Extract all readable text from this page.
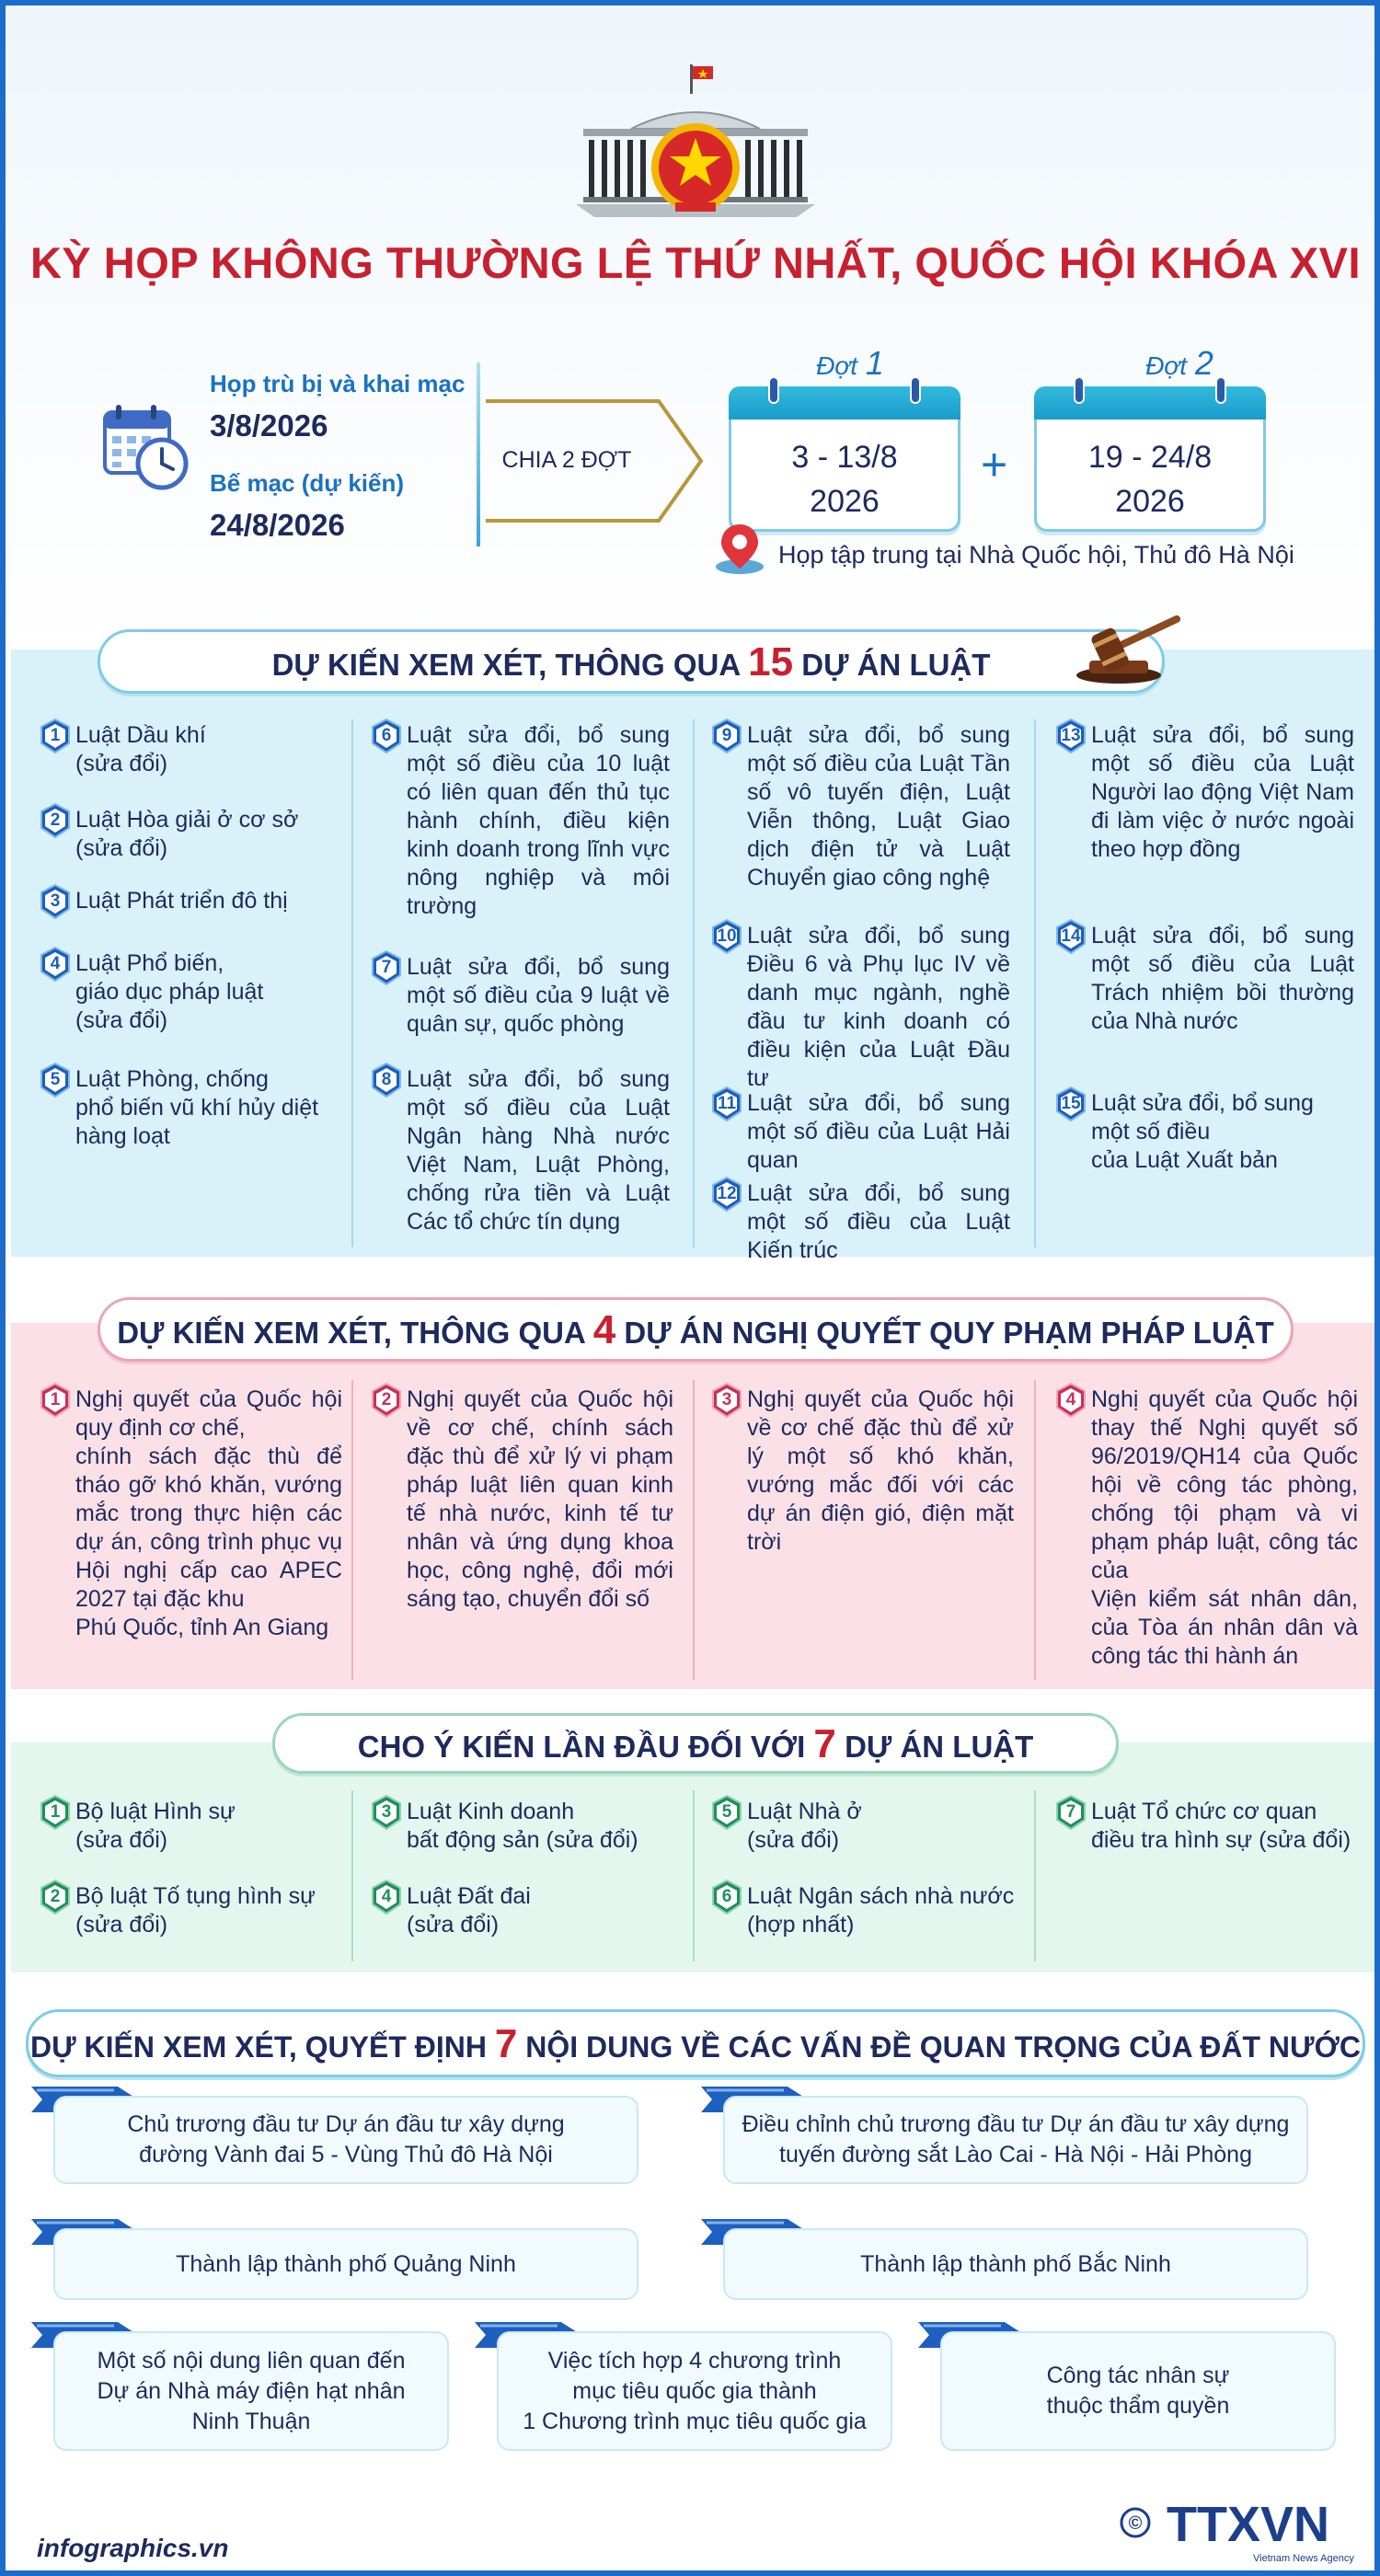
KỲ HỌP KHÔNG THƯỜNG LỆ THỨ NHẤT, QUỐC HỘI KHÓA XVI
Họp trù bị và khai mạc
3/8/2026
Bế mạc (dự kiến)
24/8/2026
CHIA 2 ĐỢT
Đợt 1
3 - 13/8
2026
+
Đợt 2
19 - 24/8
2026
Họp tập trung tại Nhà Quốc hội, Thủ đô Hà Nội
DỰ KIẾN XEM XÉT, THÔNG QUA 15 DỰ ÁN LUẬT
1 Luật Dầu khí
(sửa đổi)
2 Luật Hòa giải ở cơ sở
(sửa đổi)
3 Luật Phát triển đô thị
4 Luật Phổ biến,
giáo dục pháp luật
(sửa đổi)
5 Luật Phòng, chống
phổ biến vũ khí hủy diệt
hàng loạt
6 Luật sửa đổi, bổ sung một số điều của 10 luật có liên quan đến thủ tục hành chính, điều kiện kinh doanh trong lĩnh vực nông nghiệp và môi trường
7 Luật sửa đổi, bổ sung một số điều của 9 luật về quân sự, quốc phòng
8 Luật sửa đổi, bổ sung một số điều của Luật Ngân hàng Nhà nước Việt Nam, Luật Phòng, chống rửa tiền và Luật Các tổ chức tín dụng
9 Luật sửa đổi, bổ sung một số điều của Luật Tần số vô tuyến điện, Luật Viễn thông, Luật Giao dịch điện tử và Luật Chuyển giao công nghệ
10 Luật sửa đổi, bổ sung Điều 6 và Phụ lục IV về danh mục ngành, nghề đầu tư kinh doanh có điều kiện của Luật Đầu tư
11 Luật sửa đổi, bổ sung một số điều của Luật Hải quan
12 Luật sửa đổi, bổ sung một số điều của Luật Kiến trúc
13 Luật sửa đổi, bổ sung một số điều của Luật Người lao động Việt Nam đi làm việc ở nước ngoài theo hợp đồng
14 Luật sửa đổi, bổ sung một số điều của Luật Trách nhiệm bồi thường của Nhà nước
15 Luật sửa đổi, bổ sung
một số điều
của Luật Xuất bản
DỰ KIẾN XEM XÉT, THÔNG QUA 4 DỰ ÁN NGHỊ QUYẾT QUY PHẠM PHÁP LUẬT
1 Nghị quyết của Quốc hội quy định cơ chế,
chính sách đặc thù để tháo gỡ khó khăn, vướng mắc trong thực hiện các dự án, công trình phục vụ Hội nghị cấp cao APEC 2027 tại đặc khu
Phú Quốc, tỉnh An Giang
2 Nghị quyết của Quốc hội về cơ chế, chính sách đặc thù để xử lý vi phạm pháp luật liên quan kinh tế nhà nước, kinh tế tư nhân và ứng dụng khoa học, công nghệ, đổi mới sáng tạo, chuyển đổi số
3 Nghị quyết của Quốc hội về cơ chế đặc thù để xử lý một số khó khăn, vướng mắc đối với các dự án điện gió, điện mặt trời
4 Nghị quyết của Quốc hội thay thế Nghị quyết số 96/2019/QH14 của Quốc hội về công tác phòng, chống tội phạm và vi phạm pháp luật, công tác của
Viện kiểm sát nhân dân, của Tòa án nhân dân và công tác thi hành án
CHO Ý KIẾN LẦN ĐẦU ĐỐI VỚI 7 DỰ ÁN LUẬT
1 Bộ luật Hình sự
(sửa đổi)
2 Bộ luật Tố tụng hình sự
(sửa đổi)
3 Luật Kinh doanh
bất động sản (sửa đổi)
4 Luật Đất đai
(sửa đổi)
5 Luật Nhà ở
(sửa đổi)
6 Luật Ngân sách nhà nước
(hợp nhất)
7 Luật Tổ chức cơ quan
điều tra hình sự (sửa đổi)
DỰ KIẾN XEM XÉT, QUYẾT ĐỊNH 7 NỘI DUNG VỀ CÁC VẤN ĐỀ QUAN TRỌNG CỦA ĐẤT NƯỚC
Chủ trương đầu tư Dự án đầu tư xây dựng
đường Vành đai 5 - Vùng Thủ đô Hà Nội
Điều chỉnh chủ trương đầu tư Dự án đầu tư xây dựng
tuyến đường sắt Lào Cai - Hà Nội - Hải Phòng
Thành lập thành phố Quảng Ninh	Thành lập thành phố Bắc Ninh
Một số nội dung liên quan đến
Dự án Nhà máy điện hạt nhân
Ninh Thuận
Việc tích hợp 4 chương trình
mục tiêu quốc gia thành
1 Chương trình mục tiêu quốc gia
Công tác nhân sự
thuộc thẩm quyền
infographics.vn
© TTXVN
Vietnam News Agency
